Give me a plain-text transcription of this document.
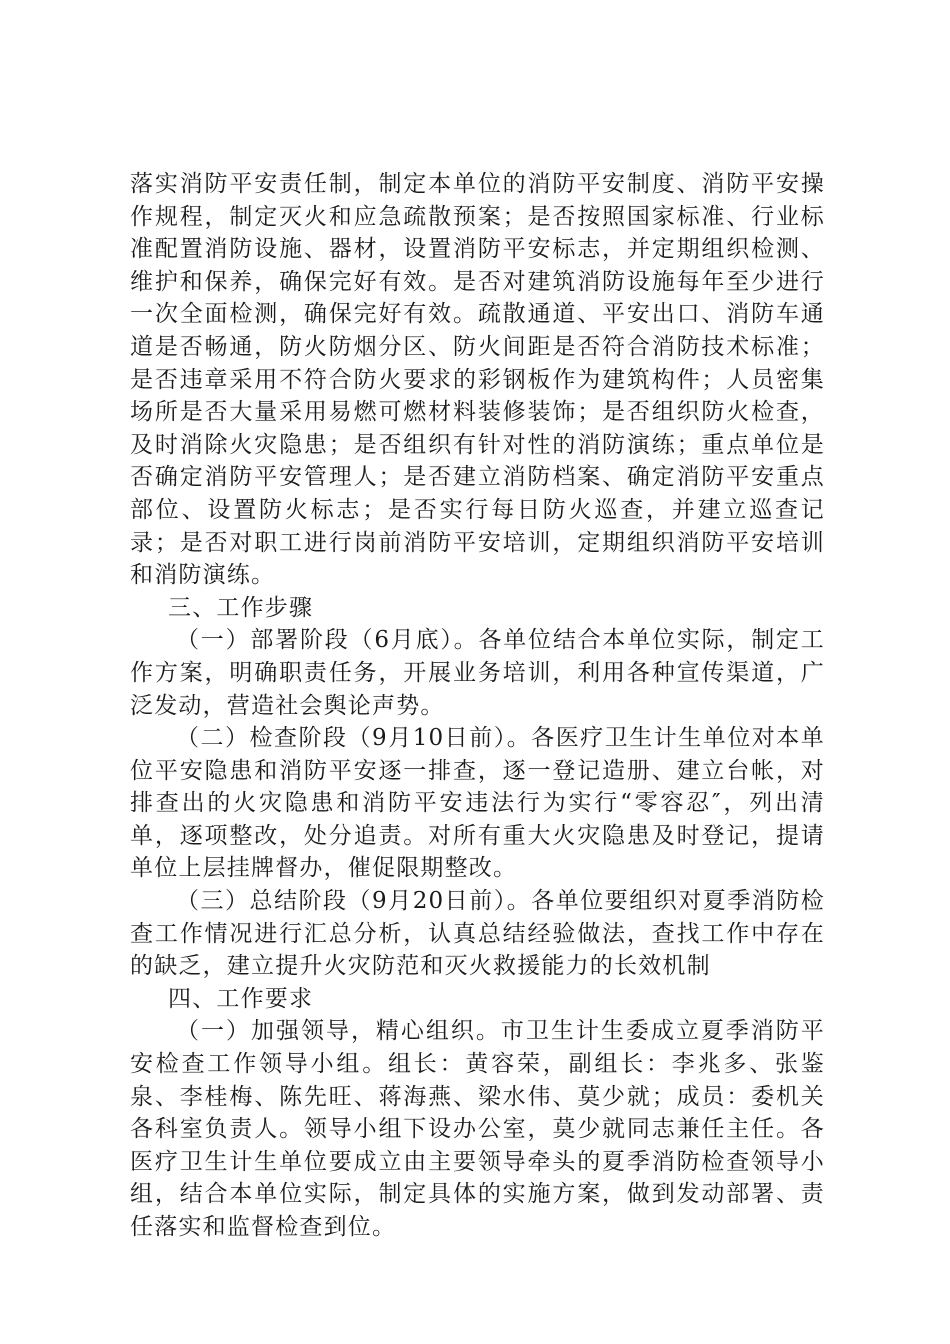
落实消防平安责任制，制定本单位的消防平安制度、消防平安操作规程，制定灭火和应急疏散预案；是否按照国家标准、行业标准配置消防设施、器材，设置消防平安标志，并定期组织检测、维护和保养，确保完好有效。是否对建筑消防设施每年至少进行一次全面检测，确保完好有效。疏散通道、平安出口、消防车通道是否畅通，防火防烟分区、防火间距是否符合消防技术标准；是否违章采用不符合防火要求的彩钢板作为建筑构件；人员密集场所是否大量采用易燃可燃材料装修装饰；是否组织防火检查，及时消除火灾隐患；是否组织有针对性的消防演练；重点单位是否确定消防平安管理人；是否建立消防档案、确定消防平安重点部位、设置防火标志；是否实行每日防火巡查，并建立巡查记录；是否对职工进行岗前消防平安培训，定期组织消防平安培训和消防演练。

三、工作步骤

（一）部署阶段（6月底）。各单位结合本单位实际，制定工作方案，明确职责任务，开展业务培训，利用各种宣传渠道，广泛发动，营造社会舆论声势。

（二）检查阶段（9月10日前）。各医疗卫生计生单位对本单位平安隐患和消防平安逐一排查，逐一登记造册、建立台帐，对排查出的火灾隐患和消防平安违法行为实行“零容忍″，列出清单，逐项整改，处分追责。对所有重大火灾隐患及时登记，提请单位上层挂牌督办，催促限期整改。

（三）总结阶段（9月20日前）。各单位要组织对夏季消防检查工作情况进行汇总分析，认真总结经验做法，查找工作中存在的缺乏，建立提升火灾防范和灭火救援能力的长效机制

四、工作要求

（一）加强领导，精心组织。市卫生计生委成立夏季消防平安检查工作领导小组。组长：黄容荣，副组长：李兆多、张鉴泉、李桂梅、陈先旺、蒋海燕、梁水伟、莫少就；成员：委机关各科室负责人。领导小组下设办公室，莫少就同志兼任主任。各医疗卫生计生单位要成立由主要领导牵头的夏季消防检查领导小组，结合本单位实际，制定具体的实施方案，做到发动部署、责任落实和监督检查到位。
